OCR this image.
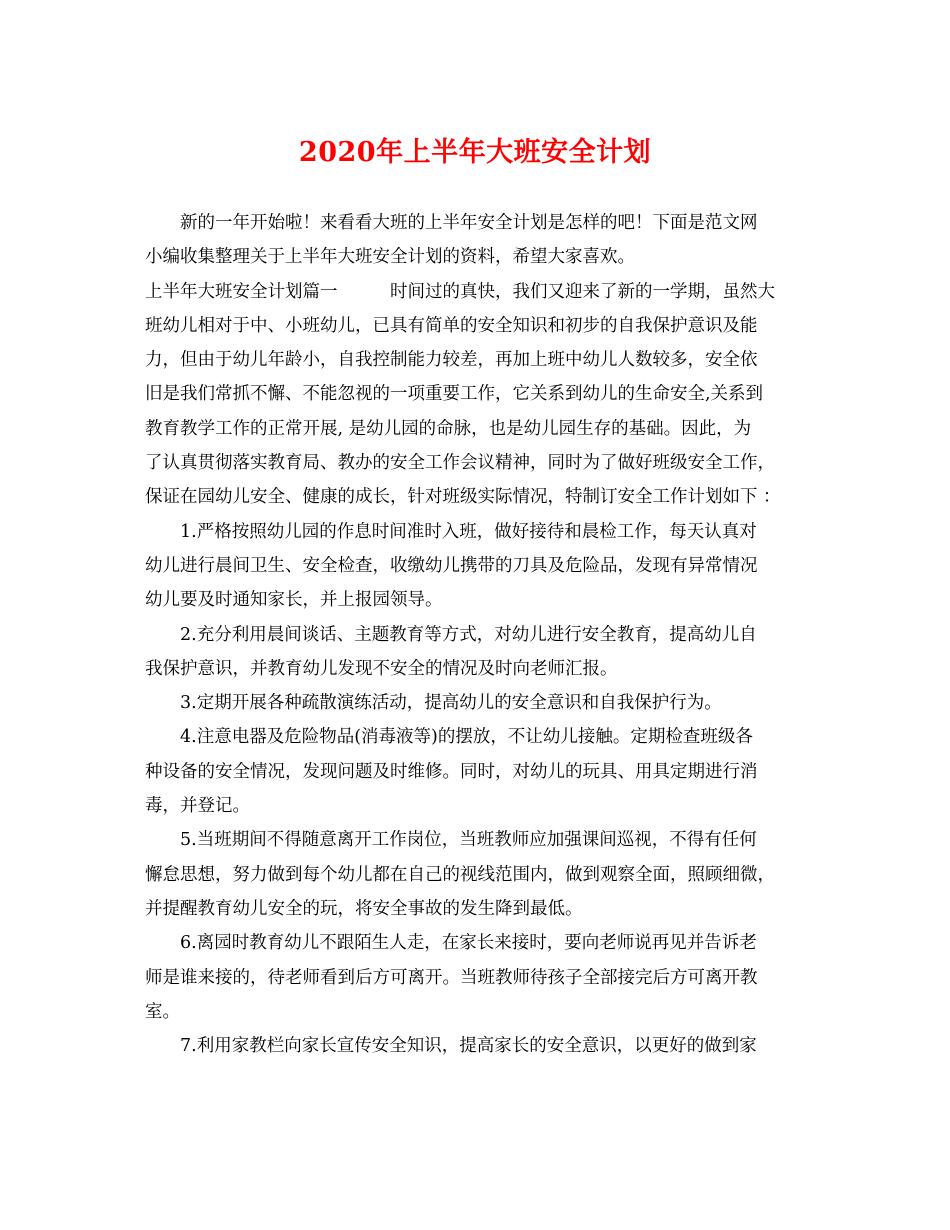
2020年上半年大班安全计划
　　新的一年开始啦！来看看大班的上半年安全计划是怎样的吧！下面是范文网
小编收集整理关于上半年大班安全计划的资料，希望大家喜欢。
上半年大班安全计划篇一　　　时间过的真快，我们又迎来了新的一学期，虽然大
班幼儿相对于中、小班幼儿，已具有简单的安全知识和初步的自我保护意识及能
力，但由于幼儿年龄小，自我控制能力较差，再加上班中幼儿人数较多，安全依
旧是我们常抓不懈、不能忽视的一项重要工作，它关系到幼儿的生命安全,关系到
教育教学工作的正常开展, 是幼儿园的命脉，也是幼儿园生存的基础。因此，为
了认真贯彻落实教育局、教办的安全工作会议精神，同时为了做好班级安全工作，
保证在园幼儿安全、健康的成长，针对班级实际情况，特制订安全工作计划如下 ：
　　1.严格按照幼儿园的作息时间准时入班，做好接待和晨检工作，每天认真对
幼儿进行晨间卫生、安全检查，收缴幼儿携带的刀具及危险品，发现有异常情况
幼儿要及时通知家长，并上报园领导。
　　2.充分利用晨间谈话、主题教育等方式，对幼儿进行安全教育，提高幼儿自
我保护意识，并教育幼儿发现不安全的情况及时向老师汇报。
　　3.定期开展各种疏散演练活动，提高幼儿的安全意识和自我保护行为。
　　4.注意电器及危险物品(消毒液等)的摆放，不让幼儿接触。定期检查班级各
种设备的安全情况，发现问题及时维修。同时，对幼儿的玩具、用具定期进行消
毒，并登记。
　　5.当班期间不得随意离开工作岗位，当班教师应加强课间巡视，不得有任何
懈怠思想，努力做到每个幼儿都在自己的视线范围内，做到观察全面，照顾细微，
并提醒教育幼儿安全的玩，将安全事故的发生降到最低。
　　6.离园时教育幼儿不跟陌生人走，在家长来接时，要向老师说再见并告诉老
师是谁来接的，待老师看到后方可离开。当班教师待孩子全部接完后方可离开教
室。
　　7.利用家教栏向家长宣传安全知识，提高家长的安全意识，以更好的做到家
